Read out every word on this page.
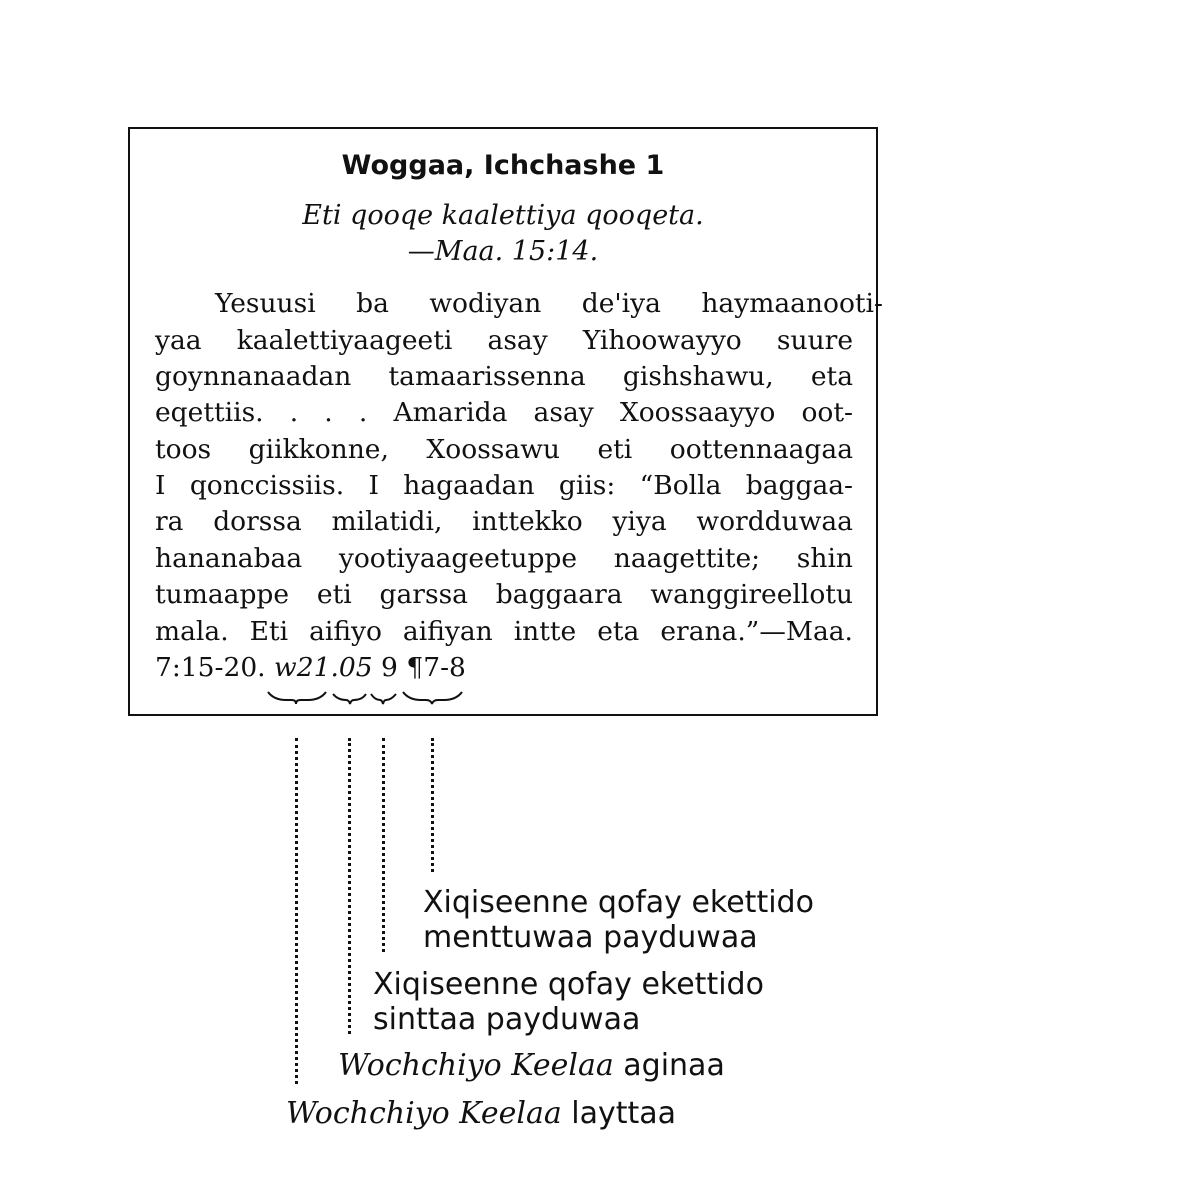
Woggaa, Ichchashe 1
Eti qooqe kaalettiya qooqeta.
—Maa. 15:14.
Yesuusi ba wodiyan de'iya haymaanooti-
yaa kaalettiyaageeti asay Yihoowayyo suure
goynnanaadan tamaarissenna gishshawu, eta
eqettiis. . . . Amarida asay Xoossaayyo oot-
toos giikkonne, Xoossawu eti oottennaagaa
I qonccissiis. I hagaadan giis: “Bolla baggaa-
ra dorssa milatidi, inttekko yiya wordduwaa
hananabaa yootiyaageetuppe naagettite; shin
tumaappe eti garssa baggaara wanggireellotu
mala. Eti aifiyo aifiyan intte eta erana.”—Maa.
7:15-20. w21.05 9 ¶7-8
Xiqiseenne qofay ekettido
menttuwaa payduwaa
Xiqiseenne qofay ekettido
sinttaa payduwaa
Wochchiyo Keelaa aginaa
Wochchiyo Keelaa layttaa
